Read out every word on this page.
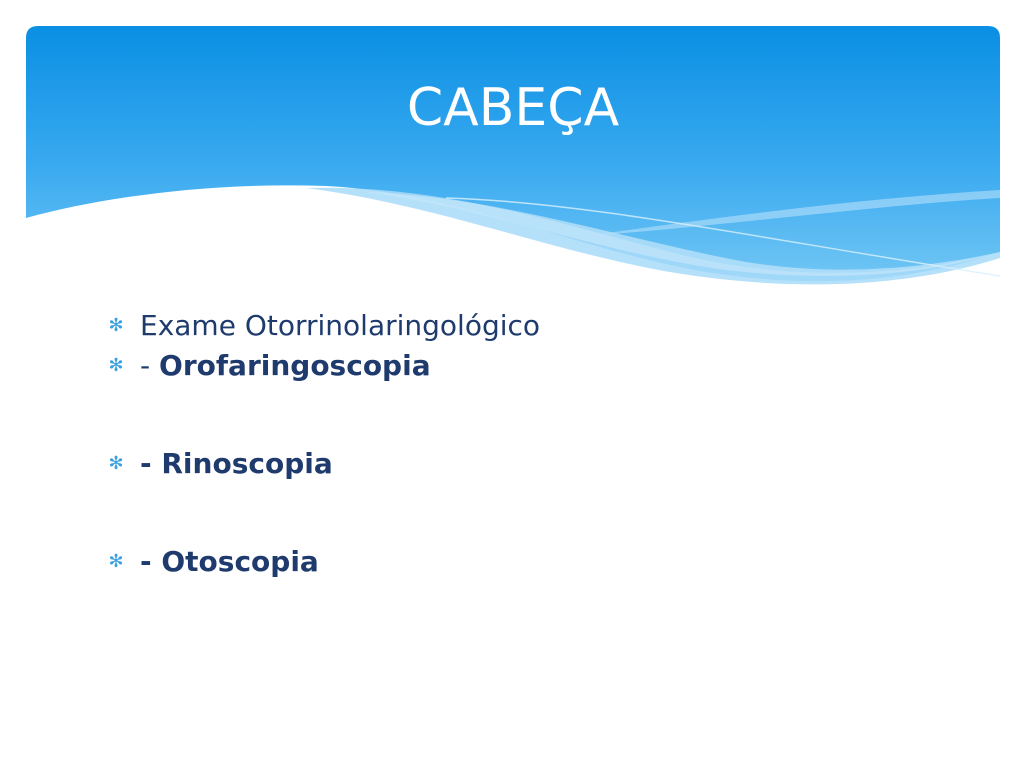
CABEÇA
✻ Exame Otorrinolaringológico
✻ - Orofaringoscopia
✻ - Rinoscopia
✻ - Otoscopia
